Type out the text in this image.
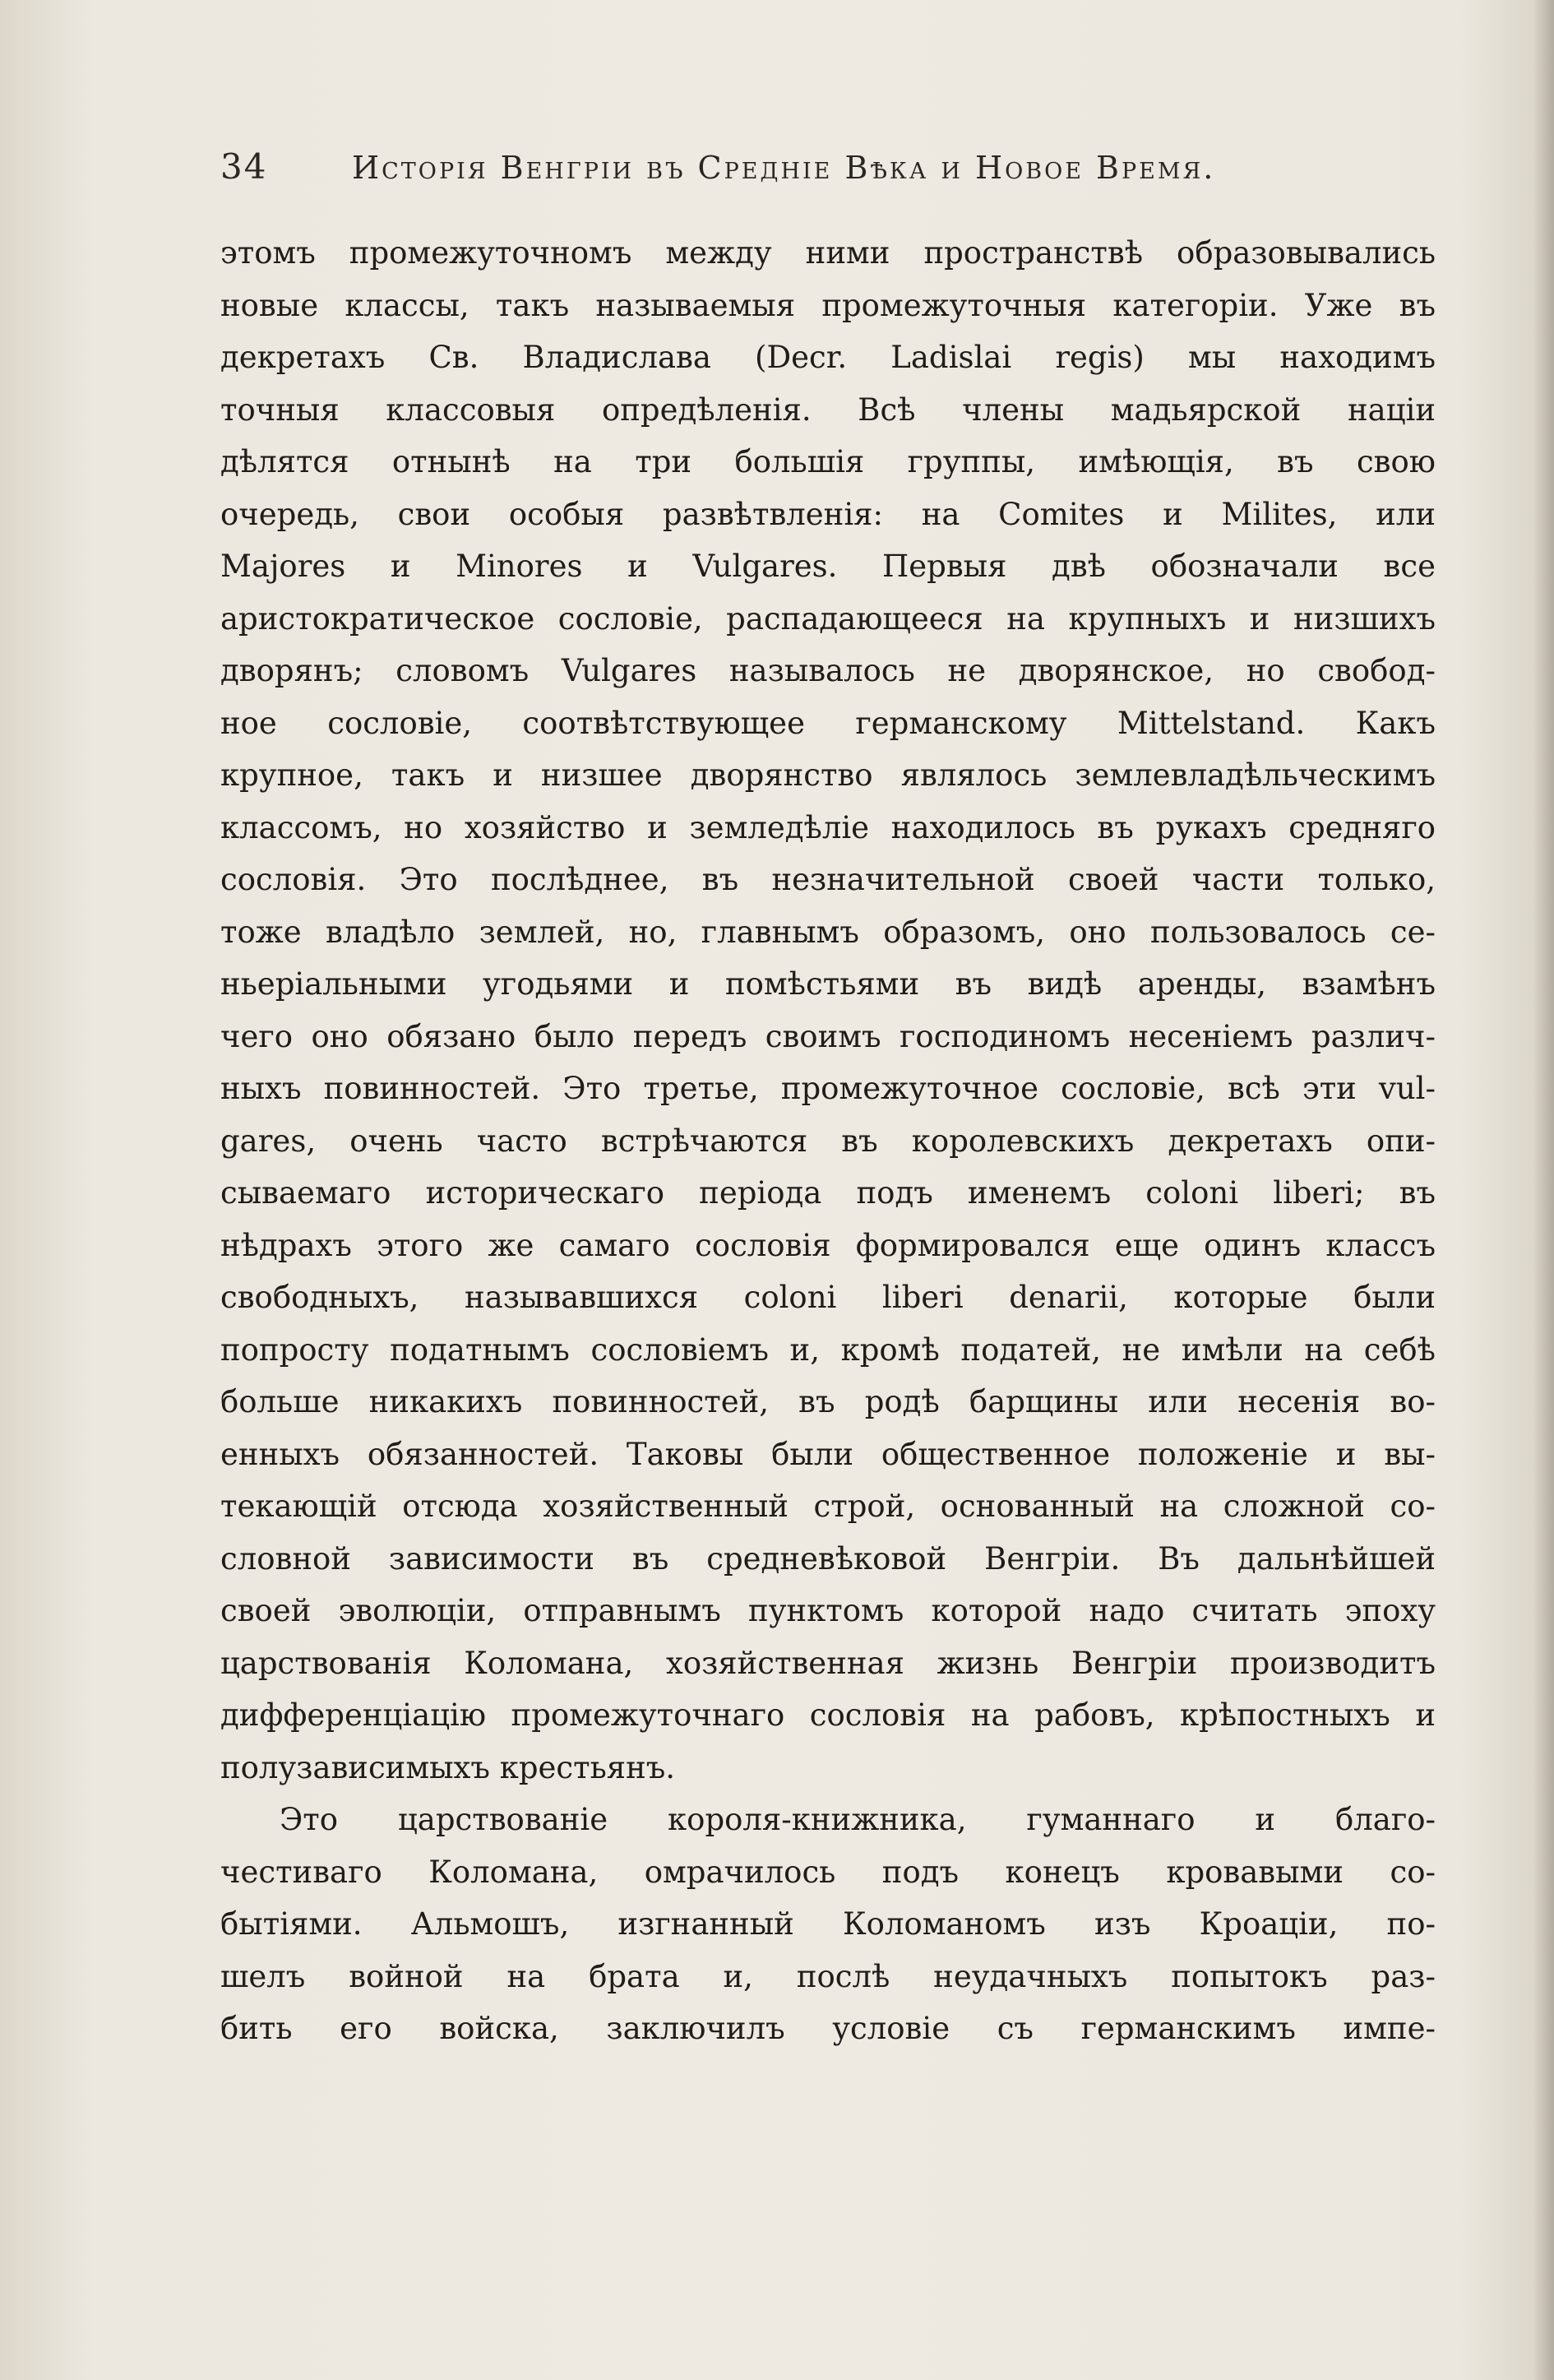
34	Исторія Венгріи въ Средніе Вѣка и Новое Время.
этомъ промежуточномъ между ними пространствѣ образовывались
новые классы, такъ называемыя промежуточныя категоріи. Уже въ
декретахъ Св. Владислава (Decr. Ladislai regis) мы находимъ
точныя классовыя опредѣленія. Всѣ члены мадьярской націи
дѣлятся отнынѣ на три большія группы, имѣющія, въ свою
очередь, свои особыя развѣтвленія: на Comites и Milites, или
Majores и Minores и Vulgares. Первыя двѣ обозначали все
аристократическое сословіе, распадающееся на крупныхъ и низшихъ
дворянъ; словомъ Vulgares называлось не дворянское, но свобод-
ное сословіе, соотвѣтствующее германскому Mittelstand. Какъ
крупное, такъ и низшее дворянство являлось землевладѣльческимъ
классомъ, но хозяйство и земледѣліе находилось въ рукахъ средняго
сословія. Это послѣднее, въ незначительной своей части только,
тоже владѣло землей, но, главнымъ образомъ, оно пользовалось се-
ньеріальными угодьями и помѣстьями въ видѣ аренды, взамѣнъ
чего оно обязано было передъ своимъ господиномъ несеніемъ различ-
ныхъ повинностей. Это третье, промежуточное сословіе, всѣ эти vul-
gares, очень часто встрѣчаются въ королевскихъ декретахъ опи-
сываемаго историческаго періода подъ именемъ coloni liberi; въ
нѣдрахъ этого же самаго сословія формировался еще одинъ классъ
свободныхъ, называвшихся coloni liberi denarii, которые были
попросту податнымъ сословіемъ и, кромѣ податей, не имѣли на себѣ
больше никакихъ повинностей, въ родѣ барщины или несенія во-
енныхъ обязанностей. Таковы были общественное положеніе и вы-
текающій отсюда хозяйственный строй, основанный на сложной со-
словной зависимости въ средневѣковой Венгріи. Въ дальнѣйшей
своей эволюціи, отправнымъ пунктомъ которой надо считать эпоху
царствованія Коломана, хозяйственная жизнь Венгріи производитъ
дифференціацію промежуточнаго сословія на рабовъ, крѣпостныхъ и
полузависимыхъ крестьянъ.
Это царствованіе короля-книжника, гуманнаго и благо-
честиваго Коломана, омрачилось подъ конецъ кровавыми со-
бытіями. Альмошъ, изгнанный Коломаномъ изъ Кроаціи, по-
шелъ войной на брата и, послѣ неудачныхъ попытокъ раз-
бить его войска, заключилъ условіе съ германскимъ импе-
